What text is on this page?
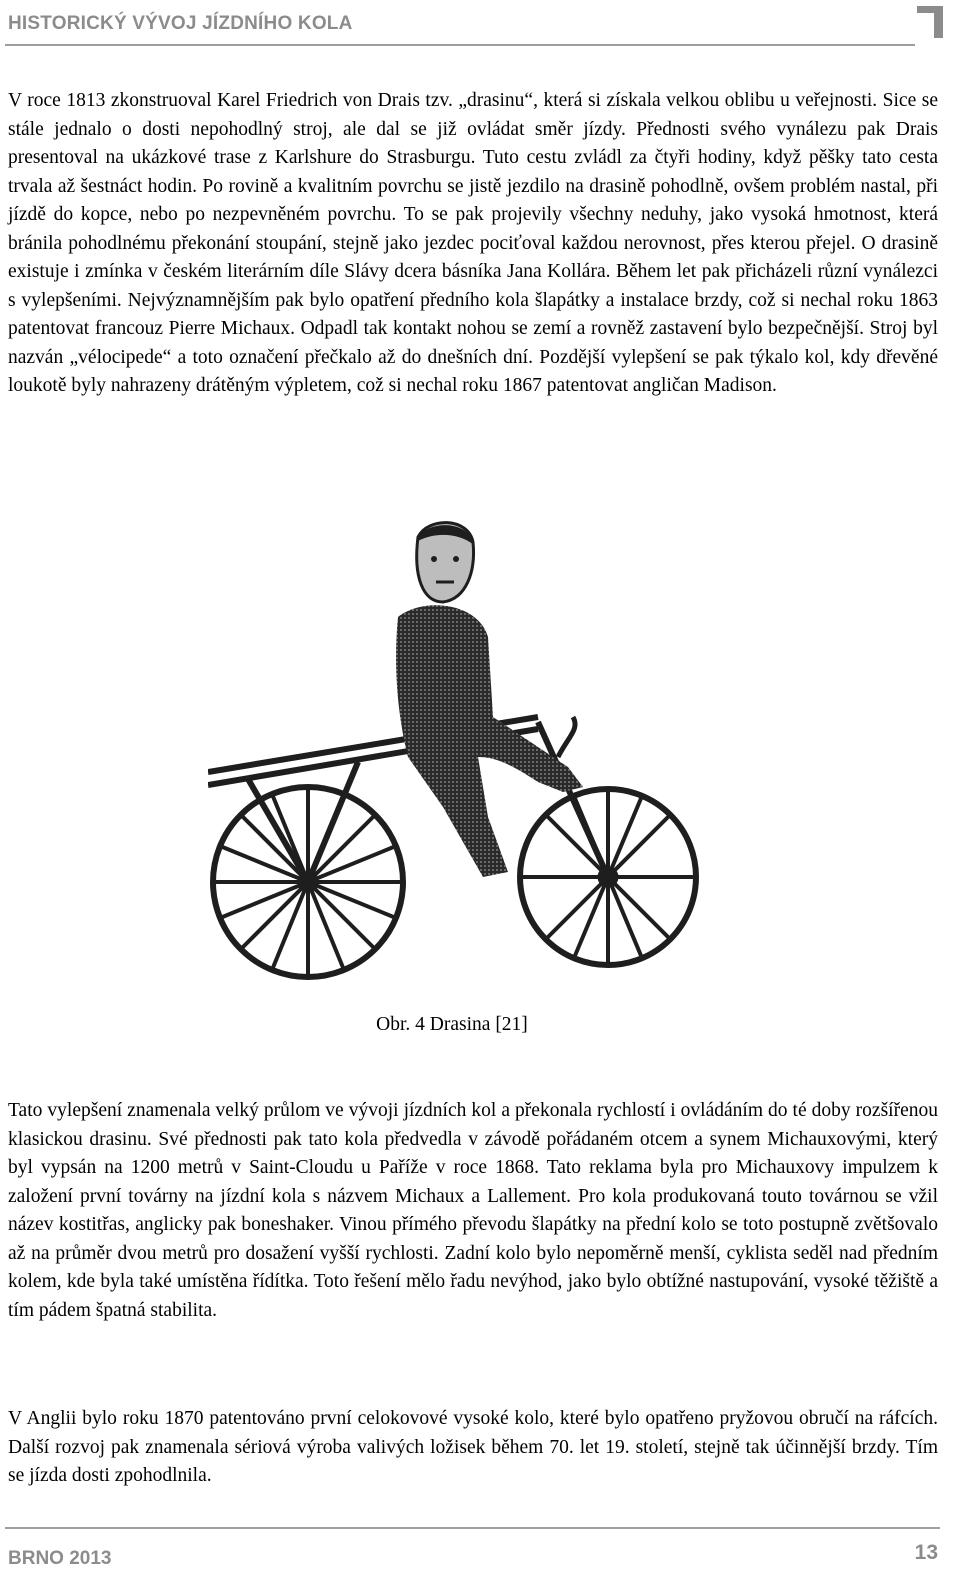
HISTORICKÝ VÝVOJ JÍZDNÍHO KOLA

V roce 1813 zkonstruoval Karel Friedrich von Drais tzv. „drasinu“, která si získala velkou oblibu u veřejnosti. Sice se stále jednalo o dosti nepohodlný stroj, ale dal se již ovládat směr jízdy. Přednosti svého vynálezu pak Drais presentoval na ukázkové trase z Karlshure do Strasburgu. Tuto cestu zvládl za čtyři hodiny, když pěšky tato cesta trvala až šestnáct hodin. Po rovině a kvalitním povrchu se jistě jezdilo na drasině pohodlně, ovšem problém nastal, při jízdě do kopce, nebo po nezpevněném povrchu. To se pak projevily všechny neduhy, jako vysoká hmotnost, která bránila pohodlnému překonání stoupání, stejně jako jezdec pociťoval každou nerovnost, přes kterou přejel. O drasině existuje i zmínka v českém literárním díle Slávy dcera básníka Jana Kollára. Během let pak přicházeli různí vynálezci s vylepšeními. Nejvýznamnějším pak bylo opatření předního kola šlapátky a instalace brzdy, což si nechal roku 1863 patentovat francouz Pierre Michaux. Odpadl tak kontakt nohou se zemí a rovněž zastavení bylo bezpečnější. Stroj byl nazván „vélocipede“ a toto označení přečkalo až do dnešních dní. Pozdější vylepšení se pak týkalo kol, kdy dřevěné loukotě byly nahrazeny drátěným výpletem, což si nechal roku 1867 patentovat angličan Madison.

Obr. 4 Drasina [21]

Tato vylepšení znamenala velký průlom ve vývoji jízdních kol a překonala rychlostí i ovládáním do té doby rozšířenou klasickou drasinu. Své přednosti pak tato kola předvedla v závodě pořádaném otcem a synem Michauxovými, který byl vypsán na 1200 metrů v Saint-Cloudu u Paříže v roce 1868. Tato reklama byla pro Michauxovy impulzem k založení první továrny na jízdní kola s názvem Michaux a Lallement. Pro kola produkovaná touto továrnou se vžil název kostitřas, anglicky pak boneshaker. Vinou přímého převodu šlapátky na přední kolo se toto postupně zvětšovalo až na průměr dvou metrů pro dosažení vyšší rychlosti. Zadní kolo bylo nepoměrně menší, cyklista seděl nad předním kolem, kde byla také umístěna řídítka. Toto řešení mělo řadu nevýhod, jako bylo obtížné nastupování, vysoké těžiště a tím pádem špatná stabilita.

V Anglii bylo roku 1870 patentováno první celokovové vysoké kolo, které bylo opatřeno pryžovou obručí na ráfcích. Další rozvoj pak znamenala sériová výroba valivých ložisek během 70. let 19. století, stejně tak účinnější brzdy. Tím se jízda dosti zpohodlnila.

BRNO 2013	13
